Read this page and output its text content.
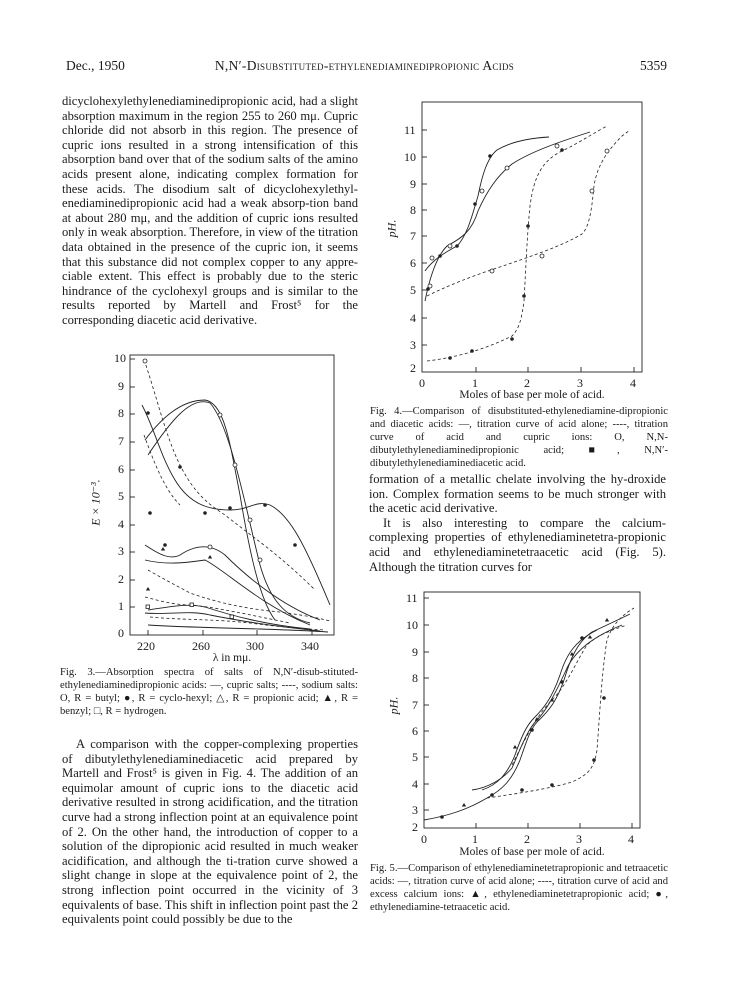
Dec., 1950	N,N′-Disubstituted-ethylenediaminedipropionic Acids	5359

dicyclohexylethylenediaminedipropionic acid, had a slight absorption maximum in the region 255 to 260 mμ. Cupric chloride did not absorb in this region. The presence of cupric ions resulted in a strong intensification of this absorption band over that of the sodium salts of the amino acids present alone, indicating complex formation for these acids. The disodium salt of dicyclohexylethyl-enediaminedipropionic acid had a weak absorp-tion band at about 280 mμ, and the addition of cupric ions resulted only in weak absorption. Therefore, in view of the titration data obtained in the presence of the cupric ion, it seems that this substance did not complex copper to any appre-ciable extent. This effect is probably due to the steric hindrance of the cyclohexyl groups and is similar to the results reported by Martell and Frost⁵ for the corresponding diacetic acid derivative.

10
9
8
7
6
5
4
3
2
1
0
E × 10⁻³.
220	260	300	340
λ in mμ.
Fig. 3.—Absorption spectra of salts of N,N′-disub-stituted-ethylenediaminedipropionic acids: —, cupric salts; ----, sodium salts: O, R = butyl; ●, R = cyclo-hexyl; △, R = propionic acid; ▲, R = benzyl; □, R = hydrogen.

A comparison with the copper-complexing properties of dibutylethylenediaminediacetic acid prepared by Martell and Frost⁵ is given in Fig. 4. The addition of an equimolar amount of cupric ions to the diacetic acid derivative resulted in strong acidification, and the titration curve had a strong inflection point at an equivalence point of 2. On the other hand, the introduction of copper to a solution of the dipropionic acid resulted in much weaker acidification, and although the ti-tration curve showed a slight change in slope at the equivalence point of 2, the strong inflection point occurred in the vicinity of 3 equivalents of base. This shift in inflection point past the 2 equivalents point could possibly be due to the

11
10
9
8
7
6
5
4
3
2
pH.
0	1	2	3	4
Moles of base per mole of acid.
Fig. 4.—Comparison of disubstituted-ethylenediamine-dipropionic and diacetic acids: —, titration curve of acid alone; ----, titration curve of acid and cupric ions: O, N,N-dibutylethylenediaminedipropionic acid; ■, N,N′-dibutylethylenediaminediacetic acid.

formation of a metallic chelate involving the hy-droxide ion. Complex formation seems to be much stronger with the acetic acid derivative.

It is also interesting to compare the calcium-complexing properties of ethylenediaminetetra-propionic acid and ethylenediaminetetraacetic acid (Fig. 5). Although the titration curves for

11
10
9
8
7
6
5
4
3
2
pH.
0	1	2	3	4
Moles of base per mole of acid.
Fig. 5.—Comparison of ethylenediaminetetrapropionic and tetraacetic acids: —, titration curve of acid alone; ----, titration curve of acid and excess calcium ions: ▲, ethylenediaminetetrapropionic acid; ●, ethylenediamine-tetraacetic acid.
